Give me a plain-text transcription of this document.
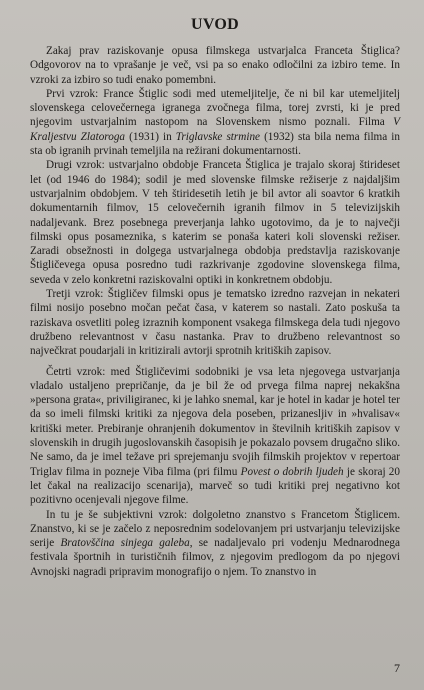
UVOD

Zakaj prav raziskovanje opusa filmskega ustvarjalca Franceta Štiglica? Odgovorov na to vprašanje je več, vsi pa so enako odločilni za izbiro teme. In vzroki za izbiro so tudi enako pomembni.

Prvi vzrok: France Štiglic sodi med utemeljitelje, če ni bil kar utemeljitelj slovenskega celovečernega igranega zvočnega filma, torej zvrsti, ki je pred njegovim ustvarjalnim nastopom na Slovenskem nismo poznali. Filma V Kraljestvu Zlatoroga (1931) in Triglavske strmine (1932) sta bila nema filma in sta ob igranih prvinah temeljila na režirani dokumentarnosti.

Drugi vzrok: ustvarjalno obdobje Franceta Štiglica je trajalo skoraj štirideset let (od 1946 do 1984); sodil je med slovenske filmske režiserje z najdaljšim ustvarjalnim obdobjem. V teh štiridesetih letih je bil avtor ali soavtor 6 kratkih dokumentarnih filmov, 15 celovečernih igranih filmov in 5 televizijskih nadaljevank. Brez posebnega preverjanja lahko ugotovimo, da je to največji filmski opus posameznika, s katerim se ponaša kateri koli slovenski režiser. Zaradi obsežnosti in dolgega ustvarjalnega obdobja predstavlja raziskovanje Štigličevega opusa posredno tudi razkrivanje zgodovine slovenskega filma, seveda v zelo konkretni raziskovalni optiki in konkretnem obdobju.

Tretji vzrok: Štigličev filmski opus je tematsko izredno razvejan in nekateri filmi nosijo posebno močan pečat časa, v katerem so nastali. Zato poskuša ta raziskava osvetliti poleg izraznih komponent vsakega filmskega dela tudi njegovo družbeno relevantnost v času nastanka. Prav to družbeno relevantnost so največkrat poudarjali in kritizirali avtorji sprotnih kritiških zapisov.

Četrti vzrok: med Štigličevimi sodobniki je vsa leta njegovega ustvarjanja vladalo ustaljeno prepričanje, da je bil že od prvega filma naprej nekakšna »persona grata«, priviligiranec, ki je lahko snemal, kar je hotel in kadar je hotel ter da so imeli filmski kritiki za njegova dela poseben, prizanesljiv in »hvalisav« kritiški meter. Prebiranje ohranjenih dokumentov in številnih kritiških zapisov v slovenskih in drugih jugoslovanskih časopisih je pokazalo povsem drugačno sliko. Ne samo, da je imel težave pri sprejemanju svojih filmskih projektov v repertoar Triglav filma in pozneje Viba filma (pri filmu Povest o dobrih ljudeh je skoraj 20 let čakal na realizacijo scenarija), marveč so tudi kritiki prej negativno kot pozitivno ocenjevali njegove filme.

In tu je še subjektivni vzrok: dolgoletno znanstvo s Francetom Štiglicem. Znanstvo, ki se je začelo z neposrednim sodelovanjem pri ustvarjanju televizijske serije Bratovščina sinjega galeba, se nadaljevalo pri vodenju Mednarodnega festivala športnih in turističnih filmov, z njegovim predlogom da po njegovi Avnojski nagradi pripravim monografijo o njem. To znanstvo in

7
